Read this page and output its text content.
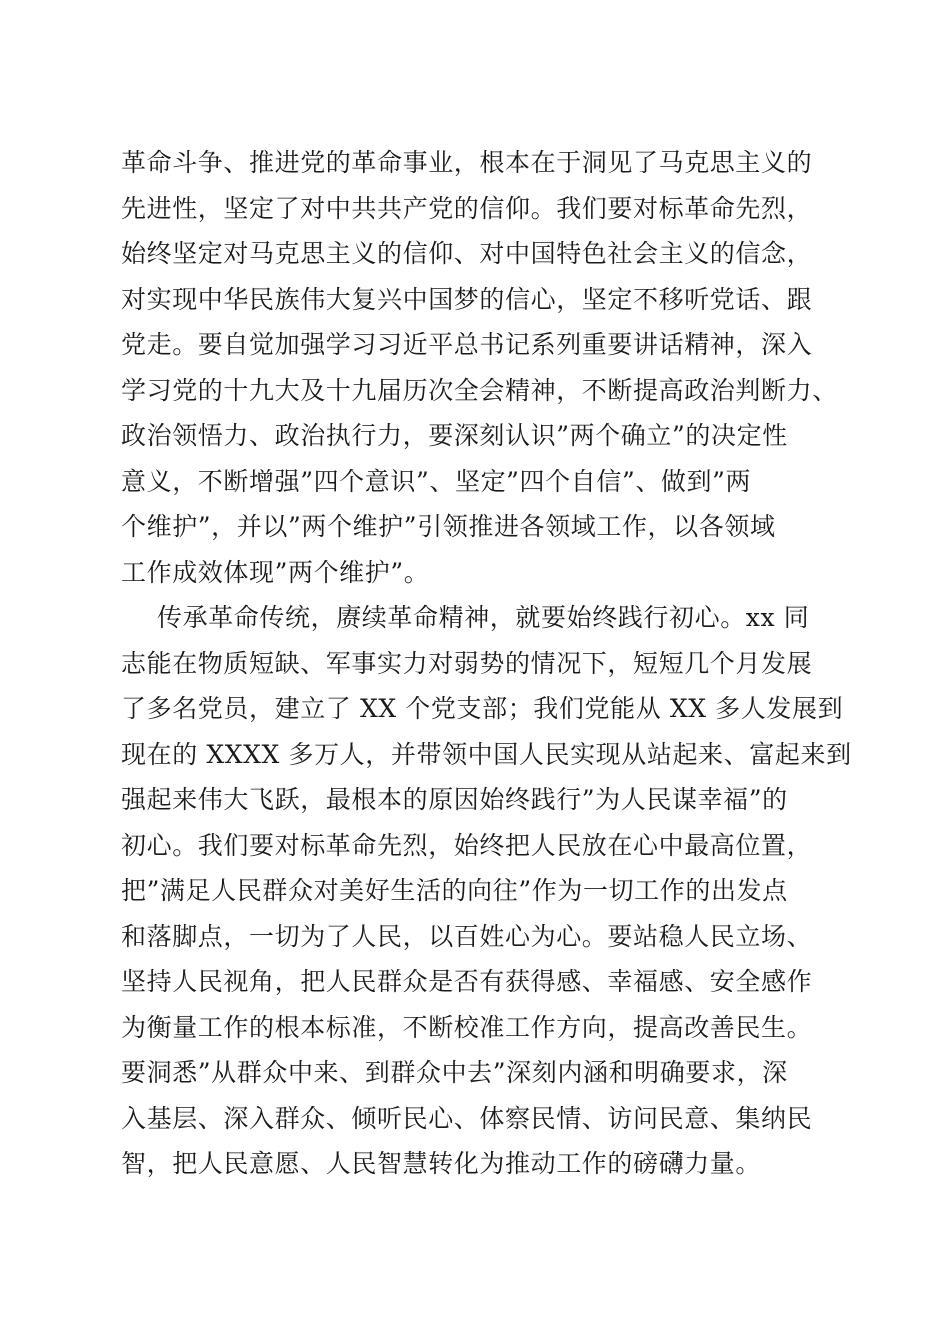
革命斗争、推进党的革命事业，根本在于洞见了马克思主义的
先进性，坚定了对中共共产党的信仰。我们要对标革命先烈，
始终坚定对马克思主义的信仰、对中国特色社会主义的信念，
对实现中华民族伟大复兴中国梦的信心，坚定不移听党话、跟
党走。要自觉加强学习习近平总书记系列重要讲话精神，深入
学习党的十九大及十九届历次全会精神，不断提高政治判断力、
政治领悟力、政治执行力，要深刻认识”两个确立”的决定性
意义，不断增强”四个意识”、坚定”四个自信”、做到”两
个维护”，并以”两个维护”引领推进各领域工作，以各领域
工作成效体现”两个维护”。
传承革命传统，赓续革命精神，就要始终践行初心。xx 同
志能在物质短缺、军事实力对弱势的情况下，短短几个月发展
了多名党员，建立了 XX 个党支部；我们党能从 XX 多人发展到
现在的 XXXX 多万人，并带领中国人民实现从站起来、富起来到
强起来伟大飞跃，最根本的原因始终践行”为人民谋幸福”的
初心。我们要对标革命先烈，始终把人民放在心中最高位置，
把”满足人民群众对美好生活的向往”作为一切工作的出发点
和落脚点，一切为了人民，以百姓心为心。要站稳人民立场、
坚持人民视角，把人民群众是否有获得感、幸福感、安全感作
为衡量工作的根本标准，不断校准工作方向，提高改善民生。
要洞悉”从群众中来、到群众中去”深刻内涵和明确要求，深
入基层、深入群众、倾听民心、体察民情、访问民意、集纳民
智，把人民意愿、人民智慧转化为推动工作的磅礴力量。
